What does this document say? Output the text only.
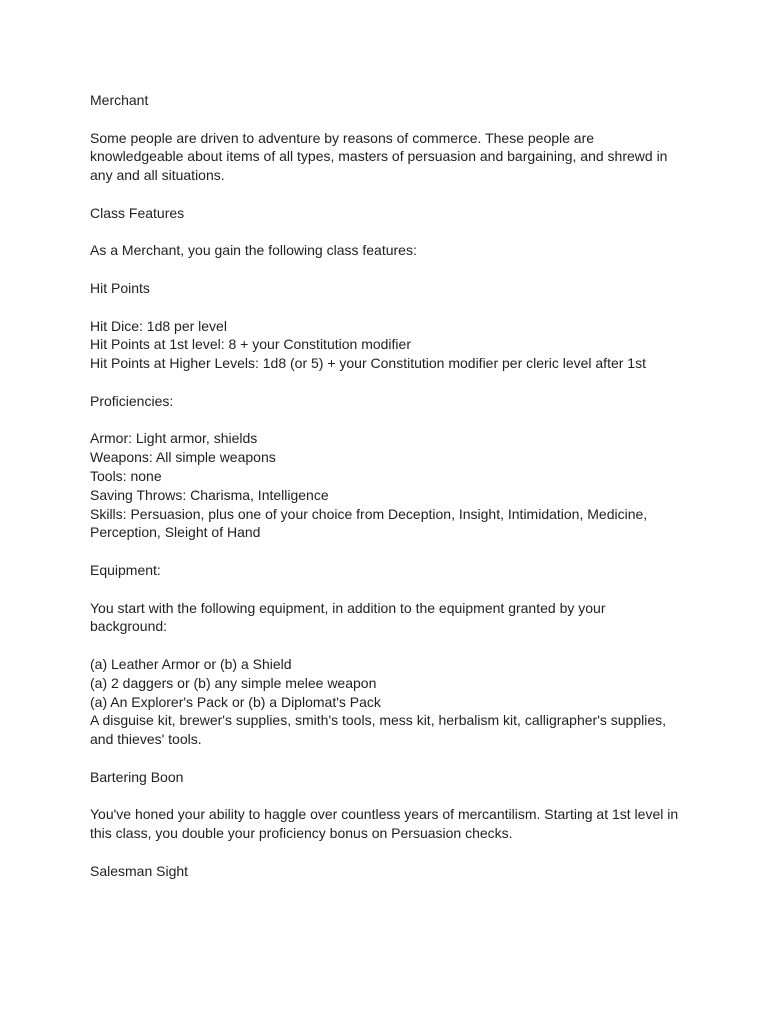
Merchant

Some people are driven to adventure by reasons of commerce. These people are knowledgeable about items of all types, masters of persuasion and bargaining, and shrewd in any and all situations.

Class Features

As a Merchant, you gain the following class features:

Hit Points

Hit Dice: 1d8 per level
Hit Points at 1st level: 8 + your Constitution modifier
Hit Points at Higher Levels: 1d8 (or 5) + your Constitution modifier per cleric level after 1st

Proficiencies:

Armor: Light armor, shields
Weapons: All simple weapons
Tools: none
Saving Throws: Charisma, Intelligence
Skills: Persuasion, plus one of your choice from Deception, Insight, Intimidation, Medicine, Perception, Sleight of Hand

Equipment:

You start with the following equipment, in addition to the equipment granted by your background:

(a) Leather Armor or (b) a Shield
(a) 2 daggers or (b) any simple melee weapon
(a) An Explorer's Pack or (b) a Diplomat's Pack
A disguise kit, brewer's supplies, smith's tools, mess kit, herbalism kit, calligrapher's supplies, and thieves' tools.

Bartering Boon

You've honed your ability to haggle over countless years of mercantilism. Starting at 1st level in this class, you double your proficiency bonus on Persuasion checks.

Salesman Sight
